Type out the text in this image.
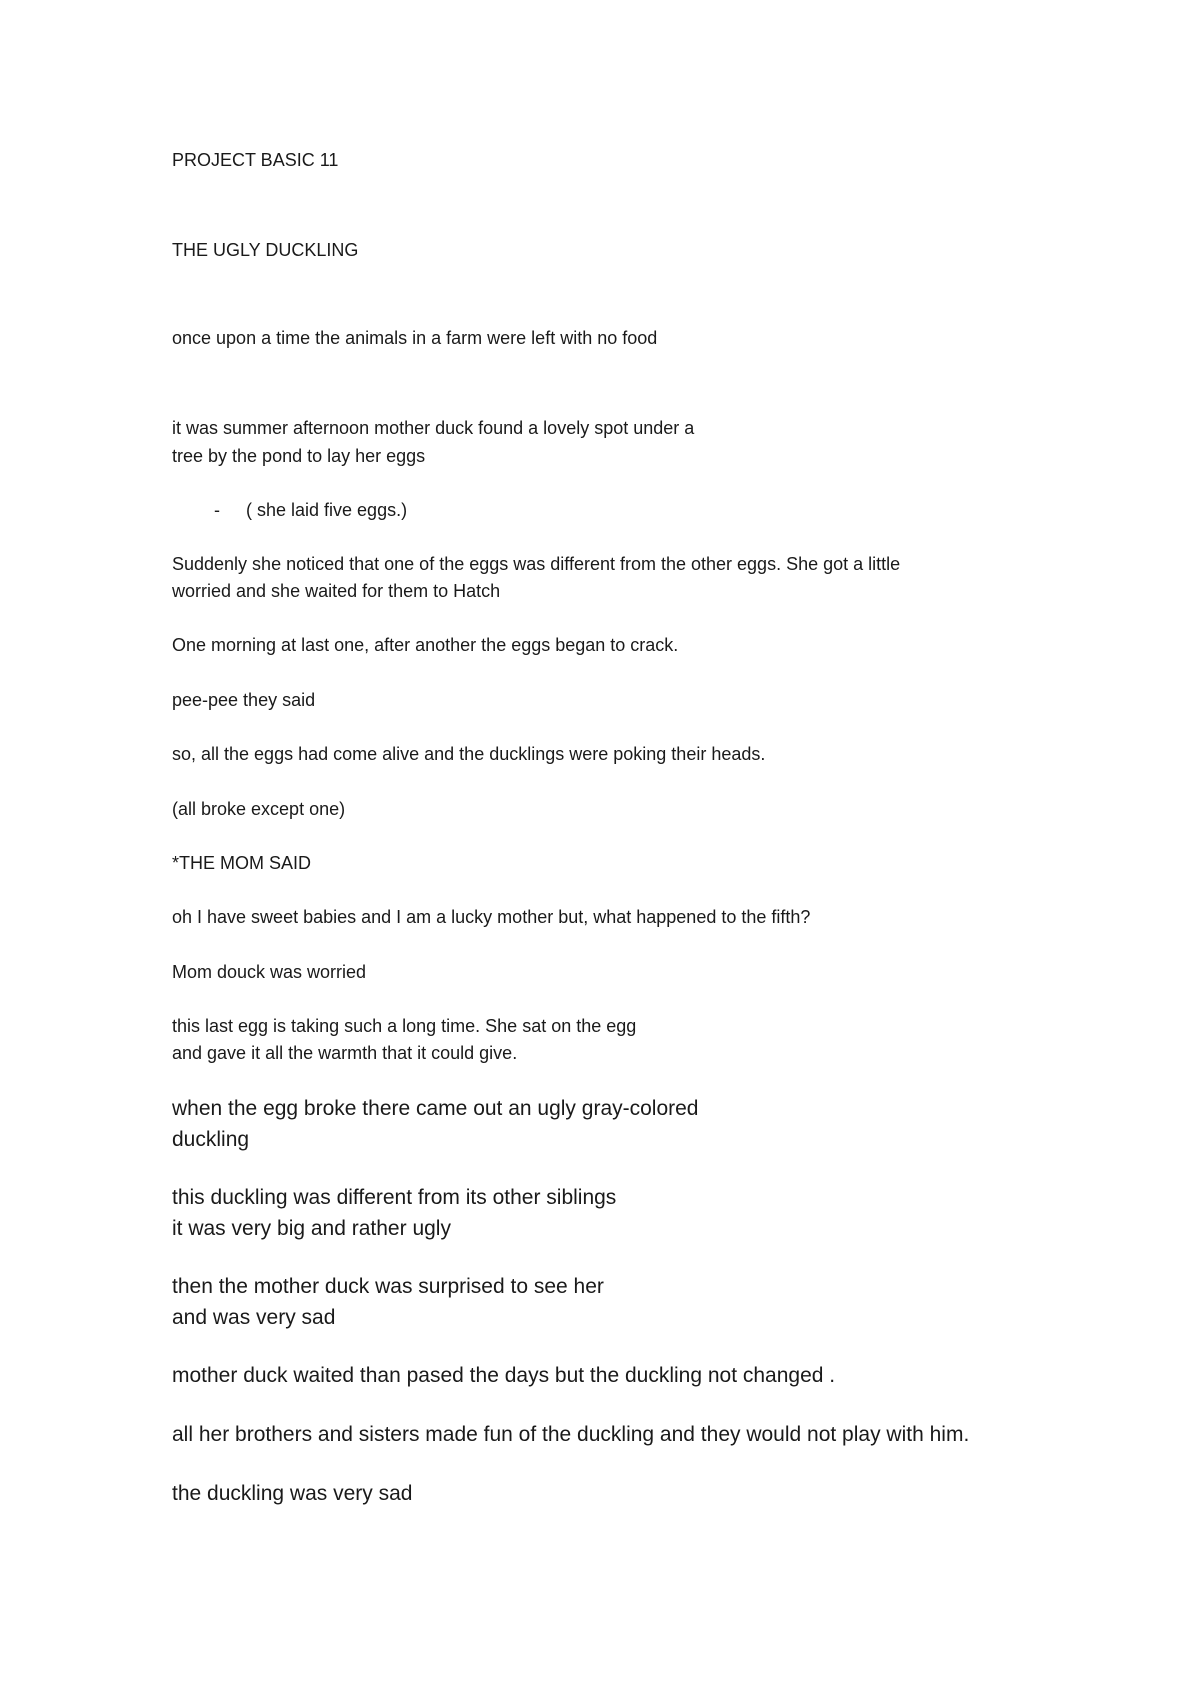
PROJECT BASIC 11

THE UGLY DUCKLING

once upon a time the animals in a farm were left with no food

it was summer afternoon mother duck found a lovely spot under a

tree by the pond to lay her eggs

- ( she laid five eggs.)

Suddenly she noticed that one of the eggs was different from the other eggs. She got a little

worried and she waited for them to Hatch

One morning at last one, after another the eggs began to crack.

pee-pee they said

so, all the eggs had come alive and the ducklings were poking their heads.

(all broke except one)

*THE MOM SAID

oh I have sweet babies and I am a lucky mother but, what happened to the fifth?

Mom douck was worried

this last egg is taking such a long time. She sat on the egg

and gave it all the warmth that it could give.

when the egg broke there came out an ugly gray-colored

duckling

this duckling was different from its other siblings

it was very big and rather ugly

then the mother duck was surprised to see her

and was very sad

mother duck waited than pased the days but the duckling not changed .

all her brothers and sisters made fun of the duckling and they would not play with him.

the duckling was very sad
